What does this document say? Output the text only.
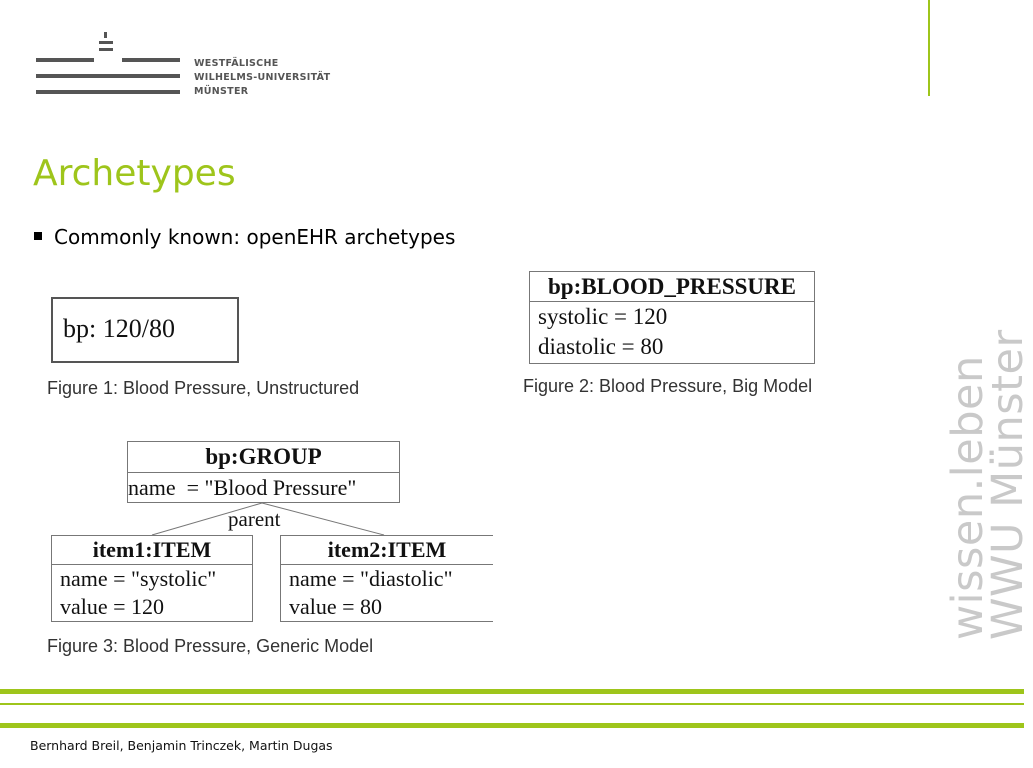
WESTFÄLISCHE
WILHELMS-UNIVERSITÄT
MÜNSTER
Archetypes
Commonly known: openEHR archetypes
bp: 120/80
Figure 1: Blood Pressure, Unstructured
bp:BLOOD_PRESSURE
systolic = 120
diastolic = 80
Figure 2: Blood Pressure, Big Model
bp:GROUP
name  = "Blood Pressure"
parent
item1:ITEM
name = "systolic"
value = 120
item2:ITEM
name = "diastolic"
value = 80
Figure 3: Blood Pressure, Generic Model
wissen.leben
WWU Münster
Bernhard Breil, Benjamin Trinczek, Martin Dugas
